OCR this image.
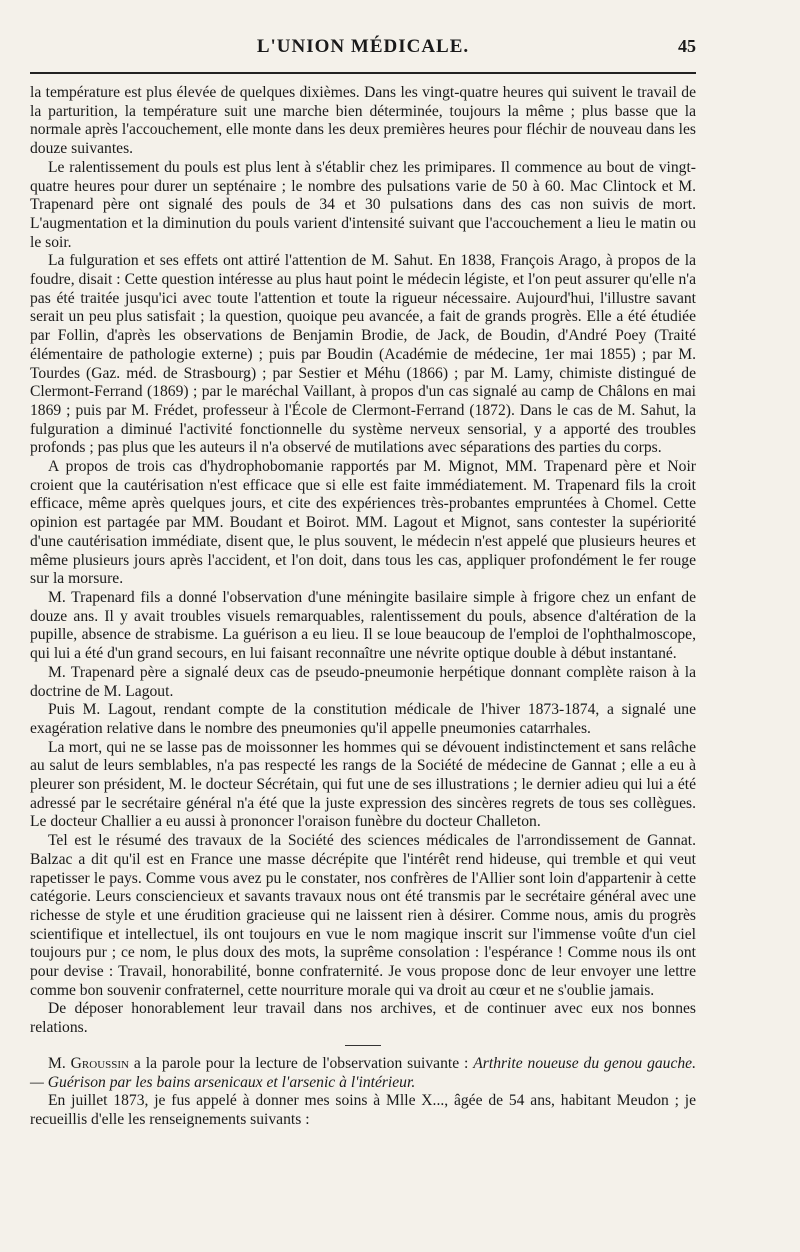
L'UNION MÉDICALE.	45

la température est plus élevée de quelques dixièmes. Dans les vingt-quatre heures qui suivent le travail de la parturition, la température suit une marche bien déterminée, toujours la même ; plus basse que la normale après l'accouchement, elle monte dans les deux premières heures pour fléchir de nouveau dans les douze suivantes.

Le ralentissement du pouls est plus lent à s'établir chez les primipares. Il commence au bout de vingt-quatre heures pour durer un septénaire ; le nombre des pulsations varie de 50 à 60. Mac Clintock et M. Trapenard père ont signalé des pouls de 34 et 30 pulsations dans des cas non suivis de mort. L'augmentation et la diminution du pouls varient d'intensité suivant que l'accouchement a lieu le matin ou le soir.

La fulguration et ses effets ont attiré l'attention de M. Sahut. En 1838, François Arago, à propos de la foudre, disait : Cette question intéresse au plus haut point le médecin légiste, et l'on peut assurer qu'elle n'a pas été traitée jusqu'ici avec toute l'attention et toute la rigueur nécessaire. Aujourd'hui, l'illustre savant serait un peu plus satisfait ; la question, quoique peu avancée, a fait de grands progrès. Elle a été étudiée par Follin, d'après les observations de Benjamin Brodie, de Jack, de Boudin, d'André Poey (Traité élémentaire de pathologie externe) ; puis par Boudin (Académie de médecine, 1er mai 1855) ; par M. Tourdes (Gaz. méd. de Strasbourg) ; par Sestier et Méhu (1866) ; par M. Lamy, chimiste distingué de Clermont-Ferrand (1869) ; par le maréchal Vaillant, à propos d'un cas signalé au camp de Châlons en mai 1869 ; puis par M. Frédet, professeur à l'École de Clermont-Ferrand (1872). Dans le cas de M. Sahut, la fulguration a diminué l'activité fonctionnelle du système nerveux sensorial, y a apporté des troubles profonds ; pas plus que les auteurs il n'a observé de mutilations avec séparations des parties du corps.

A propos de trois cas d'hydrophobomanie rapportés par M. Mignot, MM. Trapenard père et Noir croient que la cautérisation n'est efficace que si elle est faite immédiatement. M. Trapenard fils la croit efficace, même après quelques jours, et cite des expériences très-probantes empruntées à Chomel. Cette opinion est partagée par MM. Boudant et Boirot. MM. Lagout et Mignot, sans contester la supériorité d'une cautérisation immédiate, disent que, le plus souvent, le médecin n'est appelé que plusieurs heures et même plusieurs jours après l'accident, et l'on doit, dans tous les cas, appliquer profondément le fer rouge sur la morsure.

M. Trapenard fils a donné l'observation d'une méningite basilaire simple à frigore chez un enfant de douze ans. Il y avait troubles visuels remarquables, ralentissement du pouls, absence d'altération de la pupille, absence de strabisme. La guérison a eu lieu. Il se loue beaucoup de l'emploi de l'ophthalmoscope, qui lui a été d'un grand secours, en lui faisant reconnaître une névrite optique double à début instantané.

M. Trapenard père a signalé deux cas de pseudo-pneumonie herpétique donnant complète raison à la doctrine de M. Lagout.

Puis M. Lagout, rendant compte de la constitution médicale de l'hiver 1873-1874, a signalé une exagération relative dans le nombre des pneumonies qu'il appelle pneumonies catarrhales.

La mort, qui ne se lasse pas de moissonner les hommes qui se dévouent indistinctement et sans relâche au salut de leurs semblables, n'a pas respecté les rangs de la Société de médecine de Gannat ; elle a eu à pleurer son président, M. le docteur Sécrétain, qui fut une de ses illustrations ; le dernier adieu qui lui a été adressé par le secrétaire général n'a été que la juste expression des sincères regrets de tous ses collègues. Le docteur Challier a eu aussi à prononcer l'oraison funèbre du docteur Challeton.

Tel est le résumé des travaux de la Société des sciences médicales de l'arrondissement de Gannat. Balzac a dit qu'il est en France une masse décrépite que l'intérêt rend hideuse, qui tremble et qui veut rapetisser le pays. Comme vous avez pu le constater, nos confrères de l'Allier sont loin d'appartenir à cette catégorie. Leurs consciencieux et savants travaux nous ont été transmis par le secrétaire général avec une richesse de style et une érudition gracieuse qui ne laissent rien à désirer. Comme nous, amis du progrès scientifique et intellectuel, ils ont toujours en vue le nom magique inscrit sur l'immense voûte d'un ciel toujours pur ; ce nom, le plus doux des mots, la suprême consolation : l'espérance ! Comme nous ils ont pour devise : Travail, honorabilité, bonne confraternité. Je vous propose donc de leur envoyer une lettre comme bon souvenir confraternel, cette nourriture morale qui va droit au cœur et ne s'oublie jamais.

De déposer honorablement leur travail dans nos archives, et de continuer avec eux nos bonnes relations.

M. Groussin a la parole pour la lecture de l'observation suivante : Arthrite noueuse du genou gauche. — Guérison par les bains arsenicaux et l'arsenic à l'intérieur.

En juillet 1873, je fus appelé à donner mes soins à Mlle X..., âgée de 54 ans, habitant Meudon ; je recueillis d'elle les renseignements suivants :
